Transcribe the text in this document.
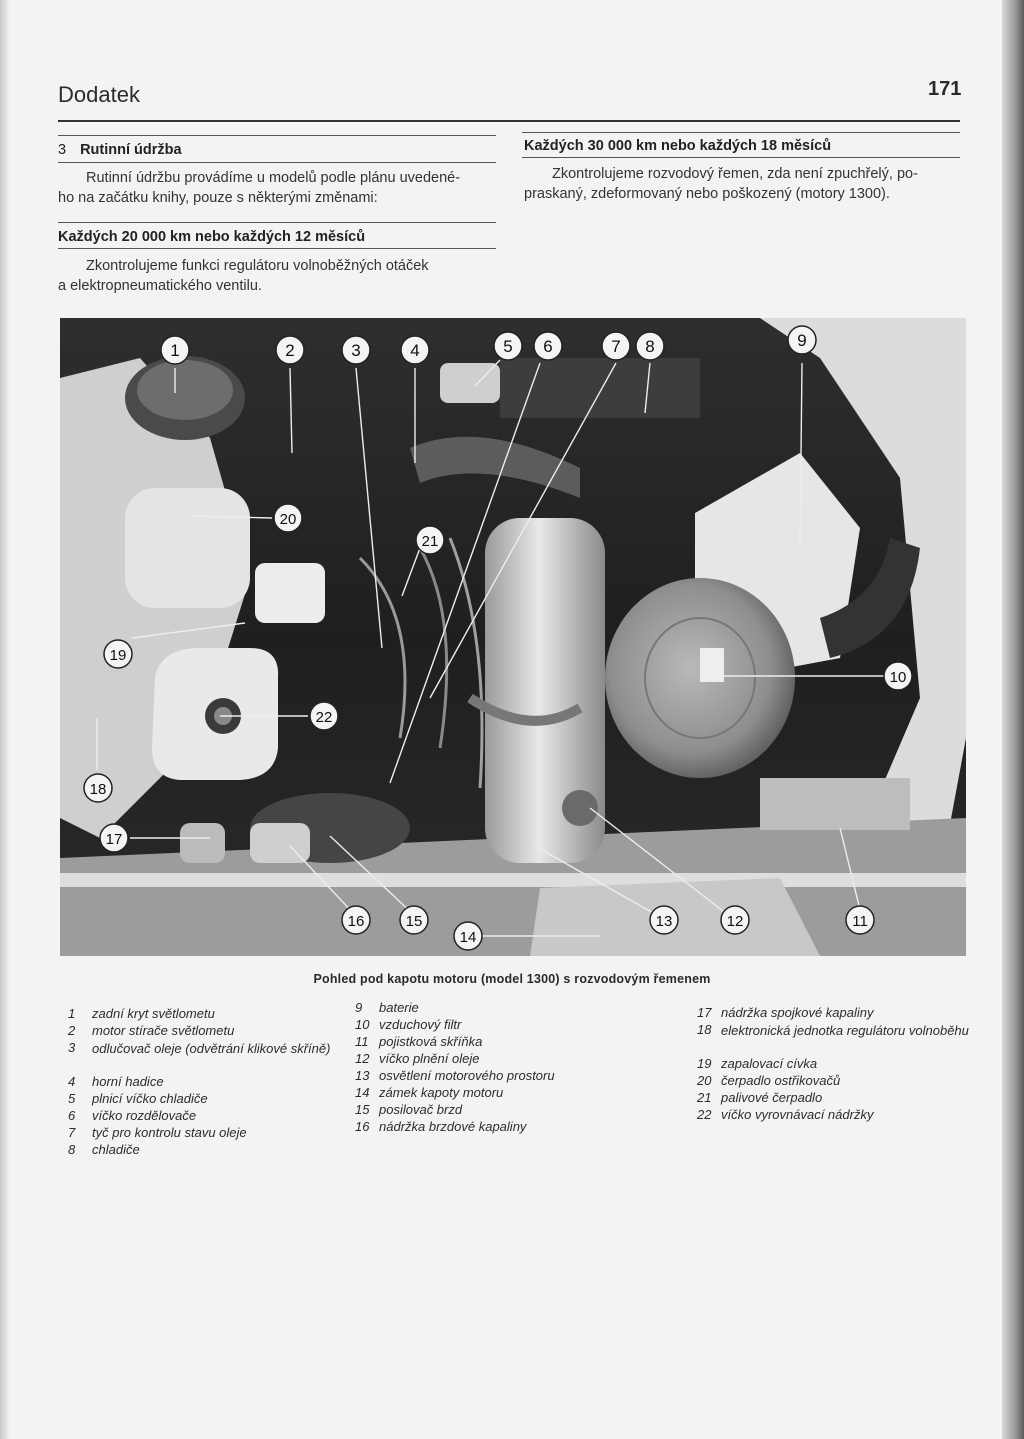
Dodatek	171
3 Rutinní údržba
Rutinní údržbu provádíme u modelů podle plánu uvedené-
ho na začátku knihy, pouze s některými změnami:
Každých 20 000 km nebo každých 12 měsíců
Zkontrolujeme funkci regulátoru volnoběžných otáček
a elektropneumatického ventilu.
Každých 30 000 km nebo každých 18 měsíců
Zkontrolujeme rozvodový řemen, zda není zpuchřelý, po-
praskaný, zdeformovaný nebo poškozený (motory 1300).
1	2	3	4	5 6	7 8	9
10
11
12
13
14
15
16
17
18
19
20
21
22
Pohled pod kapotu motoru (model 1300) s rozvodovým řemenem
1	zadní kryt světlometu
2	motor stírače světlometu
3	odlučovač oleje (odvětrání klikové skříně)
4	horní hadice
5	plnicí víčko chladiče
6	víčko rozdělovače
7	tyč pro kontrolu stavu oleje
8	chladiče
9	baterie
10 vzduchový filtr
11 pojistková skříňka
12 víčko plnění oleje
13 osvětlení motorového prostoru
14 zámek kapoty motoru
15 posilovač brzd
16 nádržka brzdové kapaliny
17 nádržka spojkové kapaliny
18 elektronická jednotka regulátoru volnoběhu
19 zapalovací cívka
20 čerpadlo ostřikovačů
21 palivové čerpadlo
22 víčko vyrovnávací nádržky
